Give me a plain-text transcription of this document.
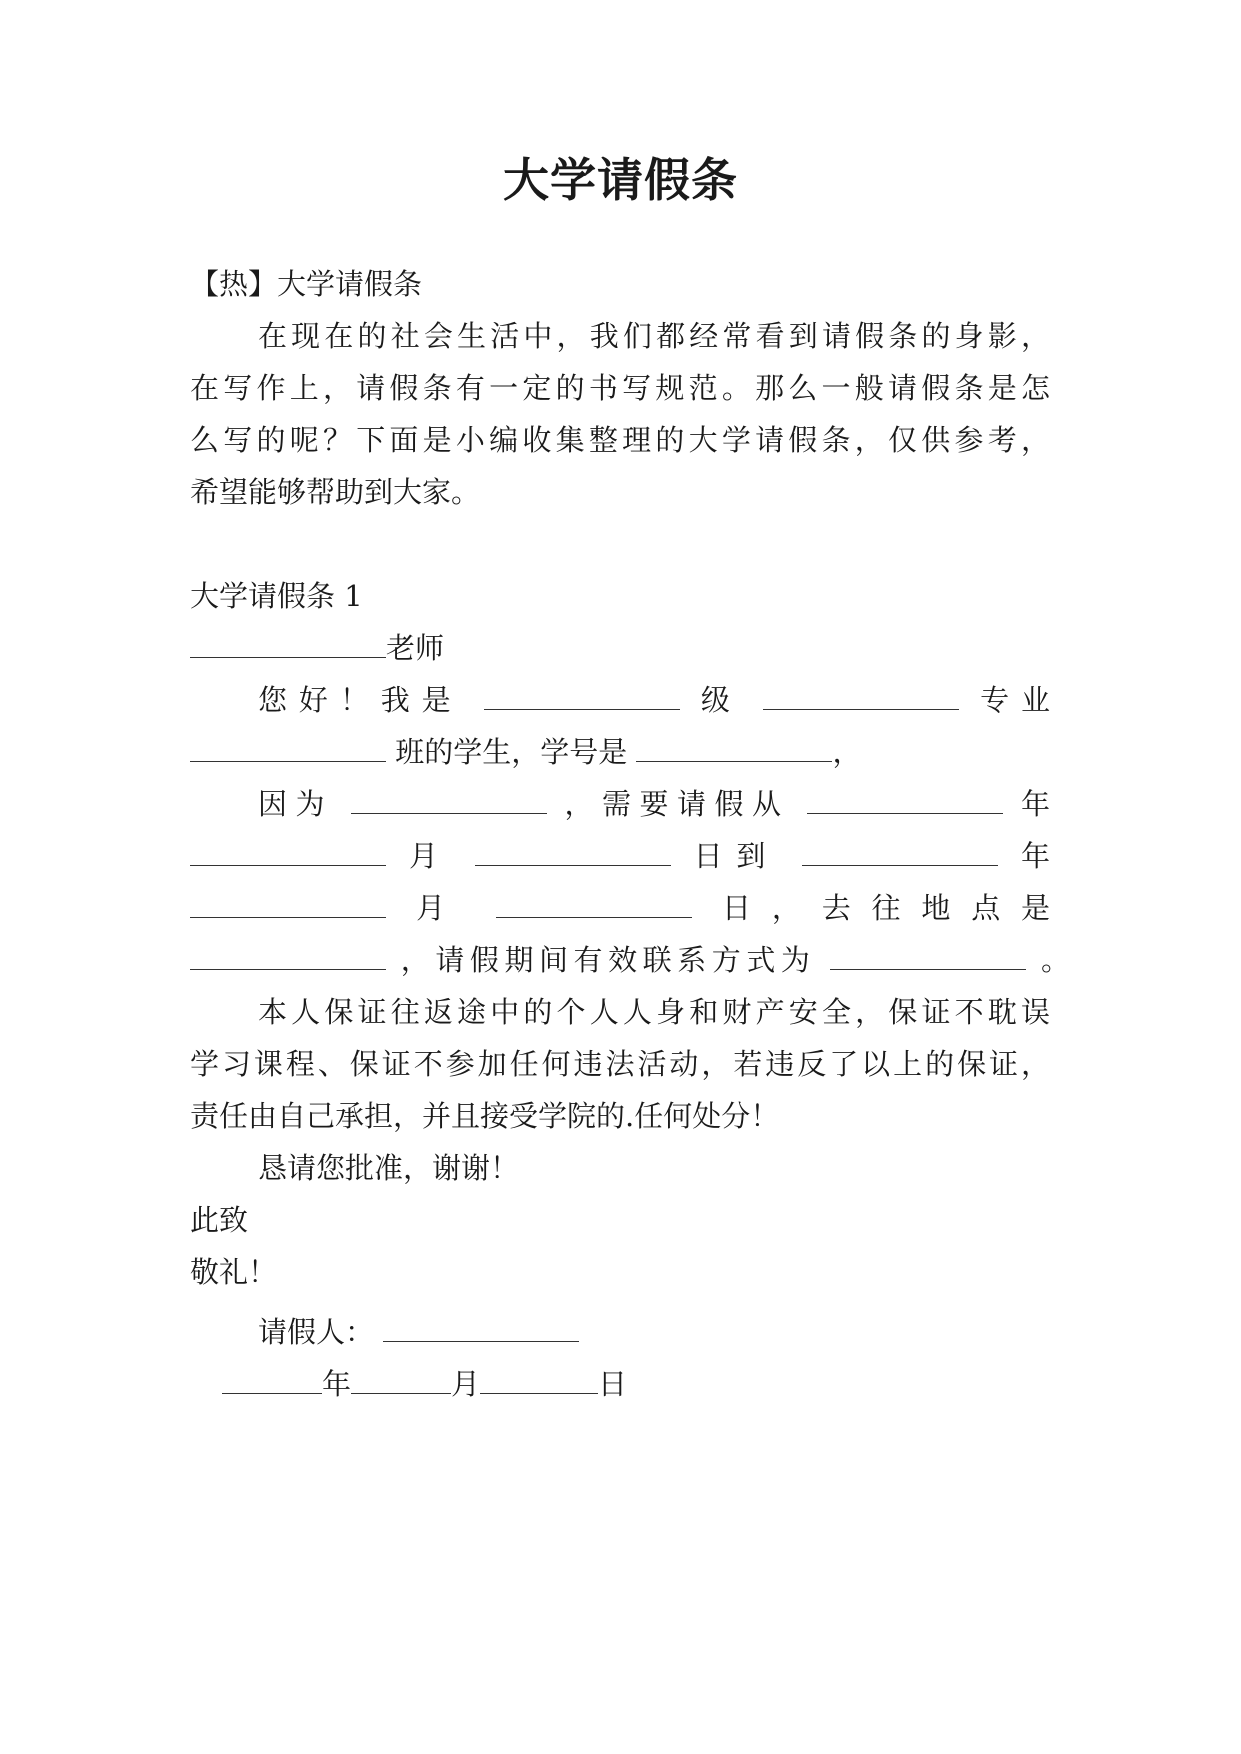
大学请假条
【热】大学请假条
在现在的社会生活中，我们都经常看到请假条的身影，
在写作上，请假条有一定的书写规范。那么一般请假条是怎
么写的呢？下面是小编收集整理的大学请假条，仅供参考，
希望能够帮助到大家。
大学请假条 1
老师
您好！我是	级	专业
班的学生，学号是	，
因为	，需要请假从	年
月	日到	年
月	日，去往地点是
，请假期间有效联系方式为	。
本人保证往返途中的个人人身和财产安全，保证不耽误
学习课程、保证不参加任何违法活动，若违反了以上的保证，
责任由自己承担，并且接受学院的.任何处分！
恳请您批准，谢谢！
此致
敬礼！
请假人：
年	月	日
